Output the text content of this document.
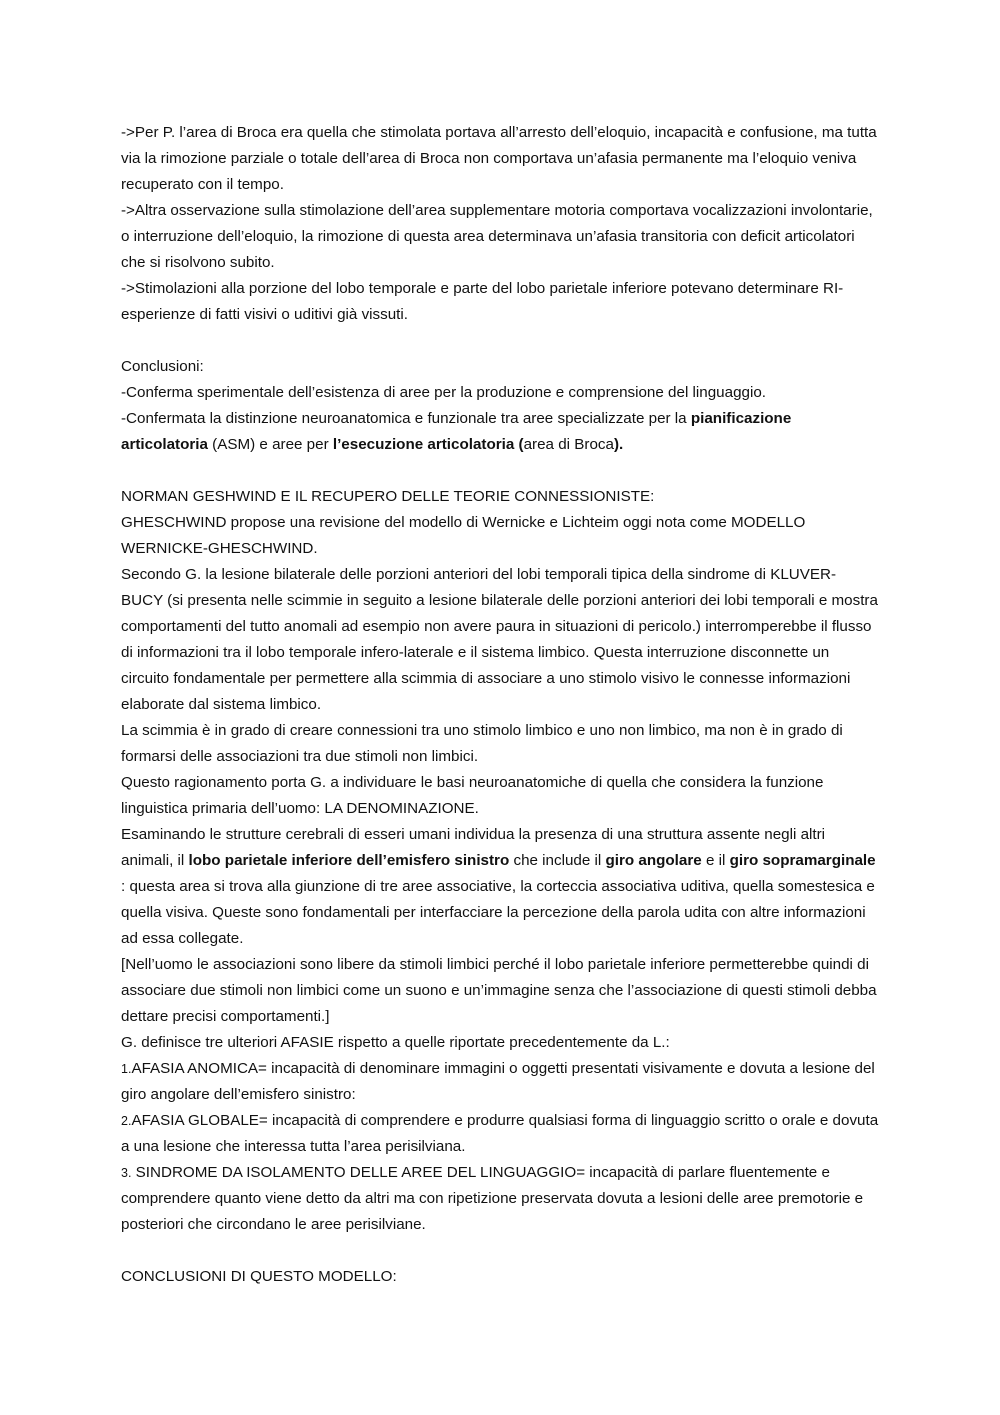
->Per P. l’area di Broca era quella che stimolata portava all’arresto dell’eloquio, incapacità e confusione, ma tutta via la rimozione parziale o totale dell’area di Broca non comportava un’afasia permanente ma l’eloquio veniva recuperato con il tempo.

->Altra osservazione sulla stimolazione dell’area supplementare motoria comportava vocalizzazioni involontarie, o interruzione dell’eloquio, la rimozione di questa area determinava un’afasia transitoria con deficit articolatori che si risolvono subito.

->Stimolazioni alla porzione del lobo temporale e parte del lobo parietale inferiore potevano determinare RI-esperienze di fatti visivi o uditivi già vissuti.

Conclusioni:

-Conferma sperimentale dell’esistenza di aree per la produzione e comprensione del linguaggio.

-Confermata la distinzione neuroanatomica e funzionale tra aree specializzate per la pianificazione articolatoria (ASM) e aree per l’esecuzione articolatoria (area di Broca).

NORMAN GESHWIND E IL RECUPERO DELLE TEORIE CONNESSIONISTE:

GHESCHWIND propose una revisione del modello di Wernicke e Lichteim oggi nota come MODELLO WERNICKE-GHESCHWIND.

Secondo G. la lesione bilaterale delle porzioni anteriori del lobi temporali tipica della sindrome di KLUVER- BUCY (si presenta nelle scimmie in seguito a lesione bilaterale delle porzioni anteriori dei lobi temporali e mostra comportamenti del tutto anomali ad esempio non avere paura in situazioni di pericolo.) interromperebbe il flusso di informazioni tra il lobo temporale infero-laterale e il sistema limbico. Questa interruzione disconnette un circuito fondamentale per permettere alla scimmia di associare a uno stimolo visivo le connesse informazioni elaborate dal sistema limbico.

La scimmia è in grado di creare connessioni tra uno stimolo limbico e uno non limbico, ma non è in grado di formarsi delle associazioni tra due stimoli non limbici.

Questo ragionamento porta G. a individuare le basi neuroanatomiche di quella che considera la funzione linguistica primaria dell’uomo: LA DENOMINAZIONE.

Esaminando le strutture cerebrali di esseri umani individua la presenza di una struttura assente negli altri animali, il lobo parietale inferiore dell’emisfero sinistro che include il giro angolare e il giro sopramarginale : questa area si trova alla giunzione di tre aree associative, la corteccia associativa uditiva, quella somestesica e quella visiva. Queste sono fondamentali per interfacciare la percezione della parola udita con altre informazioni ad essa collegate.

[Nell’uomo le associazioni sono libere da stimoli limbici perché il lobo parietale inferiore permetterebbe quindi di associare due stimoli non limbici come un suono e un’immagine senza che l’associazione di questi stimoli debba dettare precisi comportamenti.]

G. definisce tre ulteriori AFASIE rispetto a quelle riportate precedentemente da L.:

1.AFASIA ANOMICA= incapacità di denominare immagini o oggetti presentati visivamente e dovuta a lesione del giro angolare dell’emisfero sinistro:

2.AFASIA GLOBALE= incapacità di comprendere e produrre qualsiasi forma di linguaggio scritto o orale e dovuta a una lesione che interessa tutta l’area perisilviana.

3. SINDROME DA ISOLAMENTO DELLE AREE DEL LINGUAGGIO= incapacità di parlare fluentemente e comprendere quanto viene detto da altri ma con ripetizione preservata dovuta a lesioni delle aree premotorie e posteriori che circondano le aree perisilviane.

CONCLUSIONI DI QUESTO MODELLO:
